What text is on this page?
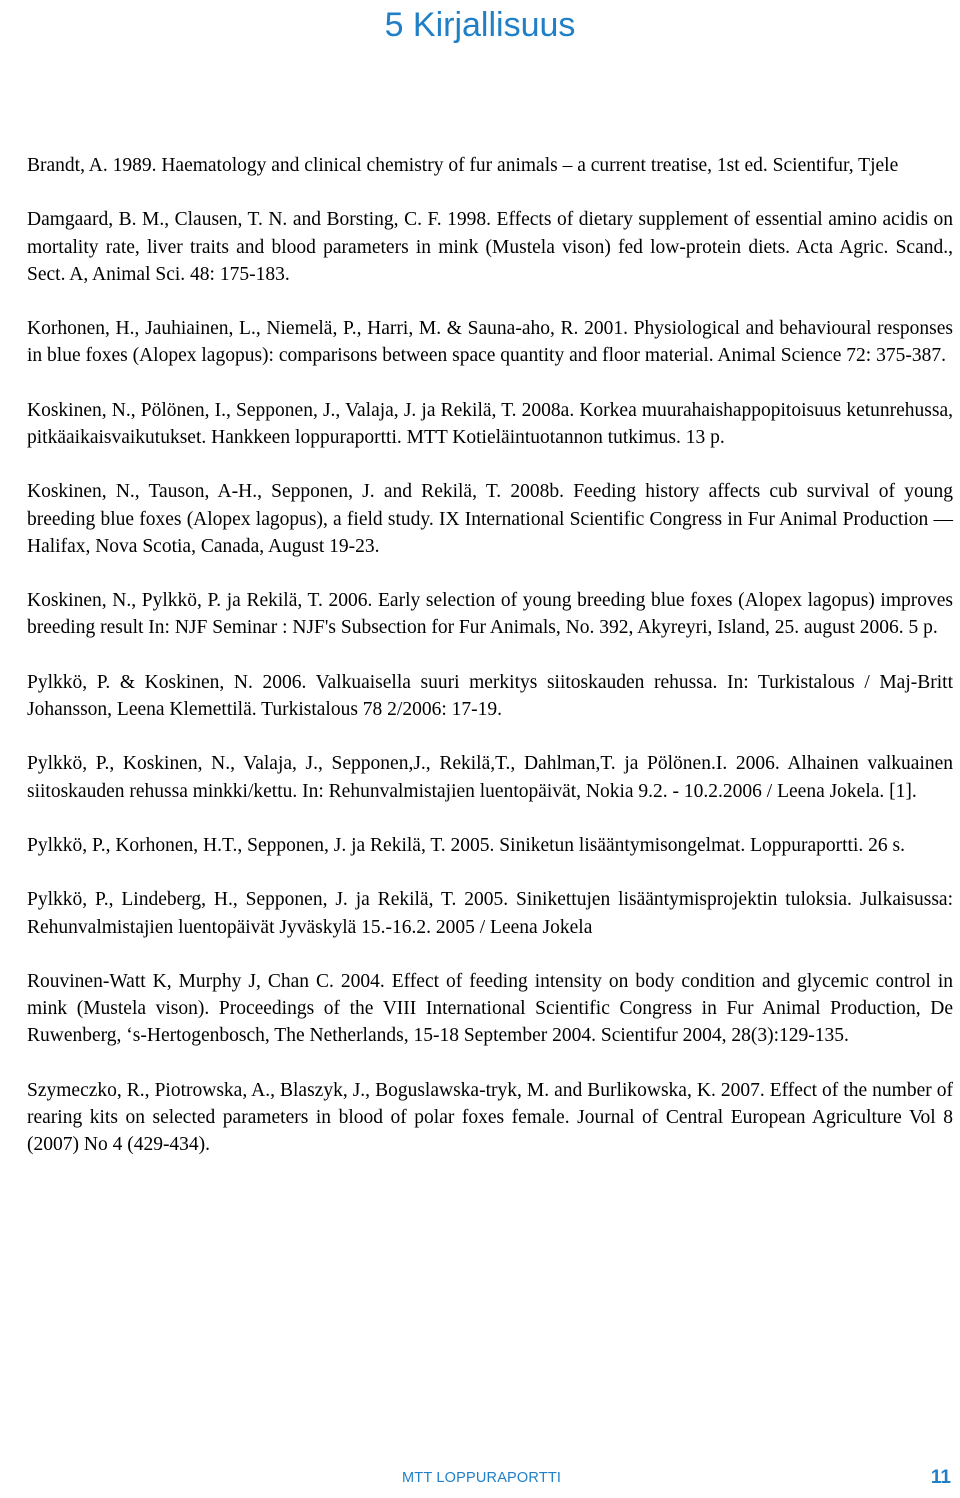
5 Kirjallisuus

Brandt, A. 1989. Haematology and clinical chemistry of fur animals – a current treatise, 1st ed. Scientifur, Tjele

Damgaard, B. M., Clausen, T. N. and Borsting, C. F. 1998. Effects of dietary supplement of essential amino acidis on mortality rate, liver traits and blood parameters in mink (Mustela vison) fed low-protein diets. Acta Agric. Scand., Sect. A, Animal Sci. 48: 175-183.

Korhonen, H., Jauhiainen, L., Niemelä, P., Harri, M. & Sauna-aho, R. 2001. Physiological and behavioural responses in blue foxes (Alopex lagopus): comparisons between space quantity and floor material. Animal Science 72: 375-387.

Koskinen, N., Pölönen, I., Sepponen, J., Valaja, J. ja Rekilä, T. 2008a. Korkea muurahaishappopitoisuus ketunrehussa, pitkäaikaisvaikutukset. Hankkeen loppuraportti. MTT Kotieläintuotannon tutkimus. 13 p.

Koskinen, N., Tauson, A-H., Sepponen, J. and Rekilä, T. 2008b. Feeding history affects cub survival of young breeding blue foxes (Alopex lagopus), a field study. IX International Scientific Congress in Fur Animal Production — Halifax, Nova Scotia, Canada, August 19-23.

Koskinen, N., Pylkkö, P. ja Rekilä, T. 2006. Early selection of young breeding blue foxes (Alopex lagopus) improves breeding result In: NJF Seminar : NJF's Subsection for Fur Animals, No. 392, Akyreyri, Island, 25. august 2006. 5 p.

Pylkkö, P. & Koskinen, N. 2006. Valkuaisella suuri merkitys siitoskauden rehussa. In: Turkistalous / Maj-Britt Johansson, Leena Klemettilä. Turkistalous 78 2/2006: 17-19.

Pylkkö, P., Koskinen, N., Valaja, J., Sepponen,J., Rekilä,T., Dahlman,T. ja Pölönen.I. 2006. Alhainen valkuainen siitoskauden rehussa minkki/kettu. In: Rehunvalmistajien luentopäivät, Nokia 9.2. - 10.2.2006 / Leena Jokela. [1].

Pylkkö, P., Korhonen, H.T., Sepponen, J. ja Rekilä, T. 2005. Siniketun lisääntymisongelmat. Loppuraportti. 26 s.

Pylkkö, P., Lindeberg, H., Sepponen, J. ja Rekilä, T. 2005. Sinikettujen lisääntymisprojektin tuloksia. Julkaisussa: Rehunvalmistajien luentopäivät Jyväskylä 15.-16.2. 2005 / Leena Jokela

Rouvinen-Watt K, Murphy J, Chan C. 2004. Effect of feeding intensity on body condition and glycemic control in mink (Mustela vison). Proceedings of the VIII International Scientific Congress in Fur Animal Production, De Ruwenberg, ‘s-Hertogenbosch, The Netherlands, 15-18 September 2004. Scientifur 2004, 28(3):129-135.

Szymeczko, R., Piotrowska, A., Blaszyk, J., Boguslawska-tryk, M. and Burlikowska, K. 2007. Effect of the number of rearing kits on selected parameters in blood of polar foxes female. Journal of Central European Agriculture Vol 8 (2007) No 4 (429-434).

MTT LOPPURAPORTTI	11
